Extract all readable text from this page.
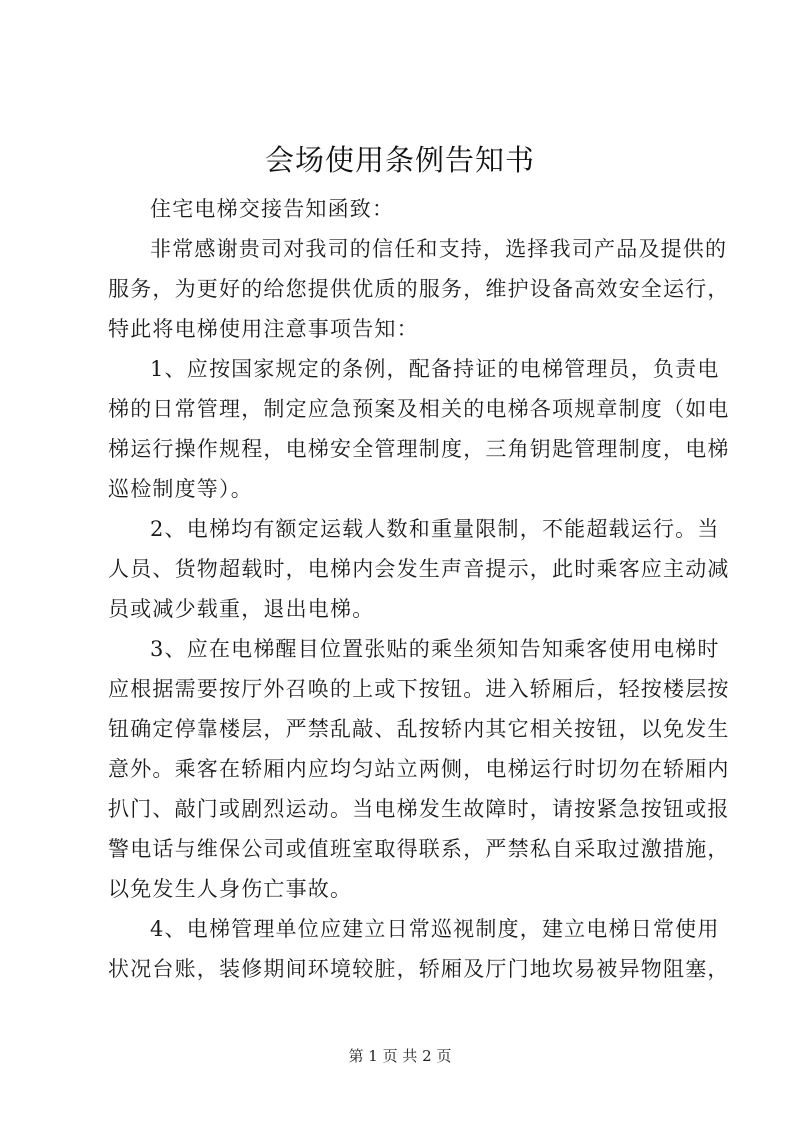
会场使用条例告知书
住宅电梯交接告知函致：
非常感谢贵司对我司的信任和支持，选择我司产品及提供的
服务，为更好的给您提供优质的服务，维护设备高效安全运行，
特此将电梯使用注意事项告知：
1、应按国家规定的条例，配备持证的电梯管理员，负责电
梯的日常管理，制定应急预案及相关的电梯各项规章制度（如电
梯运行操作规程，电梯安全管理制度，三角钥匙管理制度，电梯
巡检制度等）。
2、电梯均有额定运载人数和重量限制，不能超载运行。当
人员、货物超载时，电梯内会发生声音提示，此时乘客应主动减
员或减少载重，退出电梯。
3、应在电梯醒目位置张贴的乘坐须知告知乘客使用电梯时
应根据需要按厅外召唤的上或下按钮。进入轿厢后，轻按楼层按
钮确定停靠楼层，严禁乱敲、乱按轿内其它相关按钮，以免发生
意外。乘客在轿厢内应均匀站立两侧，电梯运行时切勿在轿厢内
扒门、敲门或剧烈运动。当电梯发生故障时，请按紧急按钮或报
警电话与维保公司或值班室取得联系，严禁私自采取过激措施，
以免发生人身伤亡事故。
4、电梯管理单位应建立日常巡视制度，建立电梯日常使用
状况台账，装修期间环境较脏，轿厢及厅门地坎易被异物阻塞，
第 1 页 共 2 页
